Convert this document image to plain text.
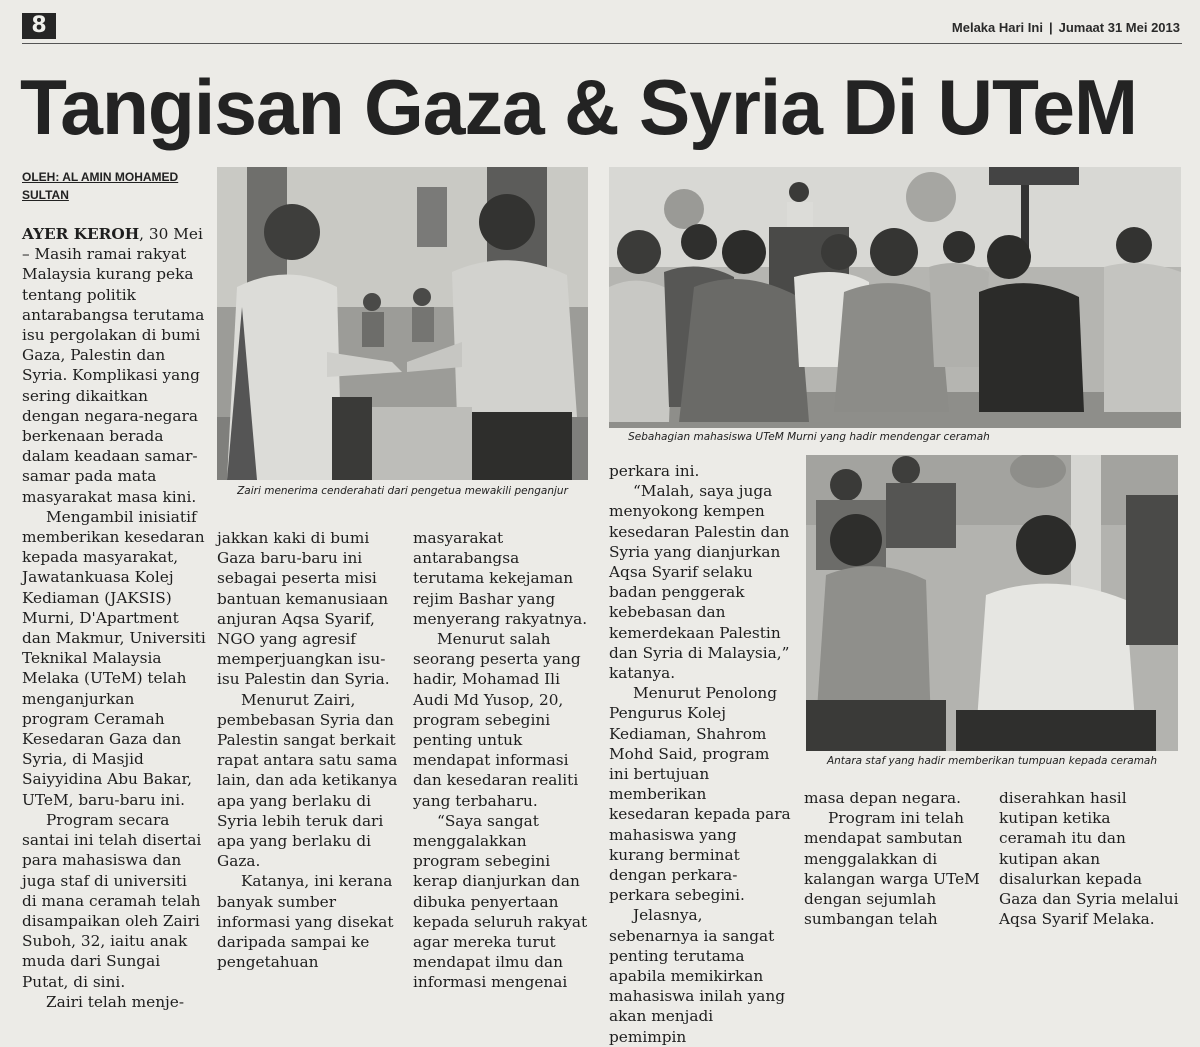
8	Melaka Hari Ini | Jumaat 31 Mei 2013
Tangisan Gaza & Syria Di UTeM
OLEH: AL AMIN MOHAMED SULTAN

AYER KEROH, 30 Mei – Masih ramai rakyat Malaysia kurang peka tentang politik antarabangsa terutama isu pergolakan di bumi Gaza, Palestin dan Syria. Komplikasi yang sering dikaitkan dengan negara-negara berkenaan berada dalam keadaan samar-samar pada mata masyarakat masa kini.

Mengambil inisiatif memberikan kesedaran kepada masyarakat, Jawatankuasa Kolej Kediaman (JAKSIS) Murni, D'Apartment dan Makmur, Universiti Teknikal Malaysia Melaka (UTeM) telah menganjurkan program Ceramah Kesedaran Gaza dan Syria, di Masjid Saiyyidina Abu Bakar, UTeM, baru-baru ini.

Program secara santai ini telah disertai para mahasiswa dan juga staf di universiti di mana ceramah telah disampaikan oleh Zairi Suboh, 32, iaitu anak muda dari Sungai Putat, di sini.

Zairi telah menje-

Zairi menerima cenderahati dari pengetua mewakili penganjur
Sebahagian mahasiswa UTeM Murni yang hadir mendengar ceramah
Antara staf yang hadir memberikan tumpuan kepada ceramah

jakkan kaki di bumi Gaza baru-baru ini sebagai peserta misi bantuan kemanusiaan anjuran Aqsa Syarif, NGO yang agresif memperjuangkan isu-isu Palestin dan Syria.

Menurut Zairi, pembebasan Syria dan Palestin sangat berkait rapat antara satu sama lain, dan ada ketikanya apa yang berlaku di Syria lebih teruk dari apa yang berlaku di Gaza.

Katanya, ini kerana banyak sumber informasi yang disekat daripada sampai ke pengetahuan

masyarakat antarabangsa terutama kekejaman rejim Bashar yang menyerang rakyatnya.

Menurut salah seorang peserta yang hadir, Mohamad Ili Audi Md Yusop, 20, program sebegini penting untuk mendapat informasi dan kesedaran realiti yang terbaharu.

“Saya sangat menggalakkan program sebegini kerap dianjurkan dan dibuka penyertaan kepada seluruh rakyat agar mereka turut mendapat ilmu dan informasi mengenai

perkara ini.

“Malah, saya juga menyokong kempen kesedaran Palestin dan Syria yang dianjurkan Aqsa Syarif selaku badan penggerak kebebasan dan kemerdekaan Palestin dan Syria di Malaysia,” katanya.

Menurut Penolong Pengurus Kolej Kediaman, Shahrom Mohd Said, program ini bertujuan memberikan kesedaran kepada para mahasiswa yang kurang berminat dengan perkara-perkara sebegini.

Jelasnya, sebenarnya ia sangat penting terutama apabila memikirkan mahasiswa inilah yang akan menjadi pemimpin

masa depan negara.

Program ini telah mendapat sambutan menggalakkan di kalangan warga UTeM dengan sejumlah sumbangan telah

diserahkan hasil kutipan ketika ceramah itu dan kutipan akan disalurkan kepada Gaza dan Syria melalui Aqsa Syarif Melaka.
